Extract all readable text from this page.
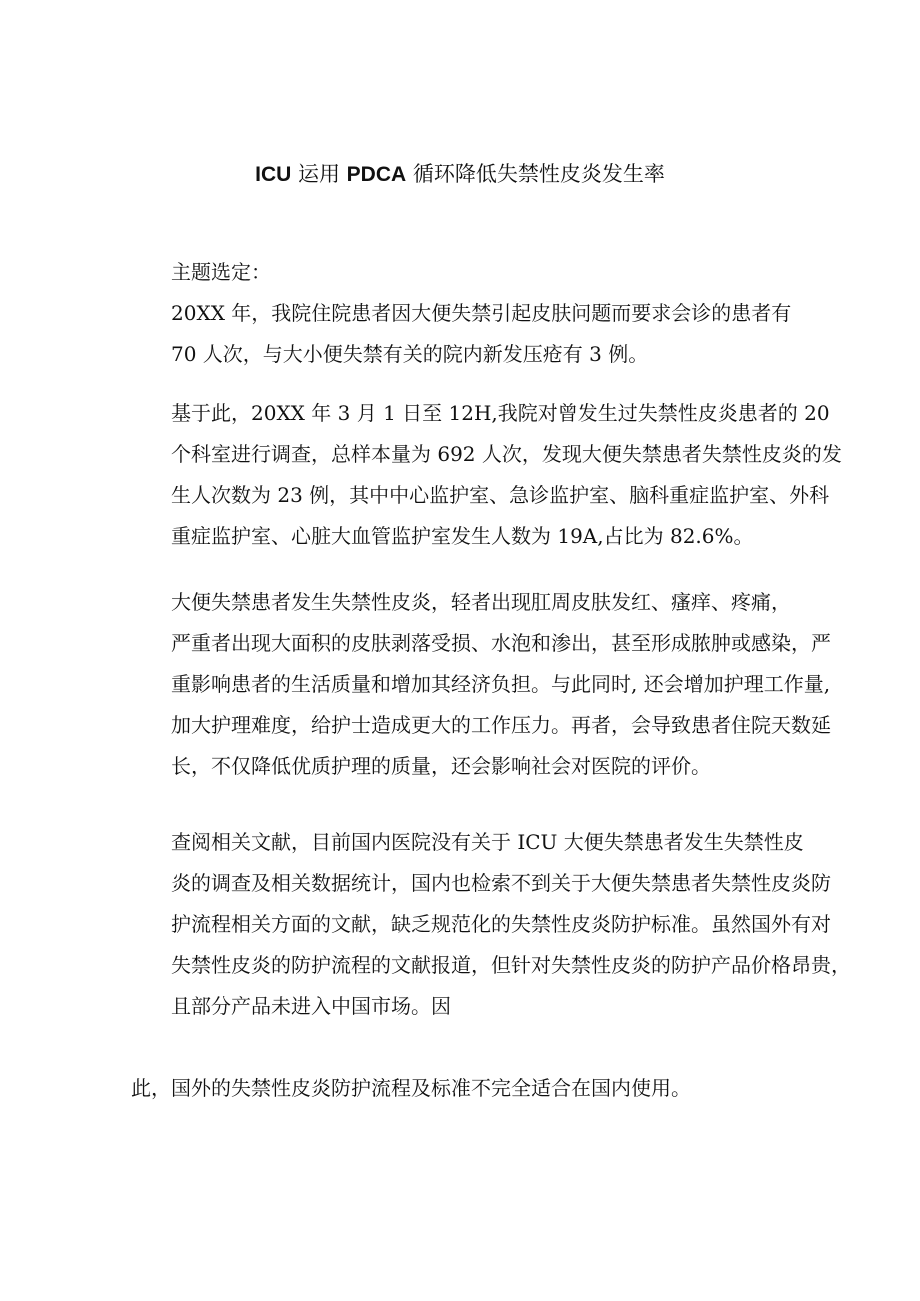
ICU 运用 PDCA 循环降低失禁性皮炎发生率

主题选定：

20XX 年，我院住院患者因大便失禁引起皮肤问题而要求会诊的患者有
70 人次，与大小便失禁有关的院内新发压疮有 3 例。

基于此，20XX 年 3 月 1 日至 12H,我院对曾发生过失禁性皮炎患者的 20
个科室进行调查，总样本量为 692 人次，发现大便失禁患者失禁性皮炎的发
生人次数为 23 例，其中中心监护室、急诊监护室、脑科重症监护室、外科
重症监护室、心脏大血管监护室发生人数为 19A,占比为 82.6%。

大便失禁患者发生失禁性皮炎，轻者出现肛周皮肤发红、瘙痒、疼痛，
严重者出现大面积的皮肤剥落受损、水泡和渗出，甚至形成脓肿或感染，严
重影响患者的生活质量和增加其经济负担。与此同时, 还会增加护理工作量,
加大护理难度，给护士造成更大的工作压力。再者，会导致患者住院天数延
长，不仅降低优质护理的质量，还会影响社会对医院的评价。

查阅相关文献，目前国内医院没有关于 ICU 大便失禁患者发生失禁性皮
炎的调查及相关数据统计，国内也检索不到关于大便失禁患者失禁性皮炎防
护流程相关方面的文献，缺乏规范化的失禁性皮炎防护标准。虽然国外有对
失禁性皮炎的防护流程的文献报道，但针对失禁性皮炎的防护产品价格昂贵，
且部分产品未进入中国市场。因

此，国外的失禁性皮炎防护流程及标准不完全适合在国内使用。
